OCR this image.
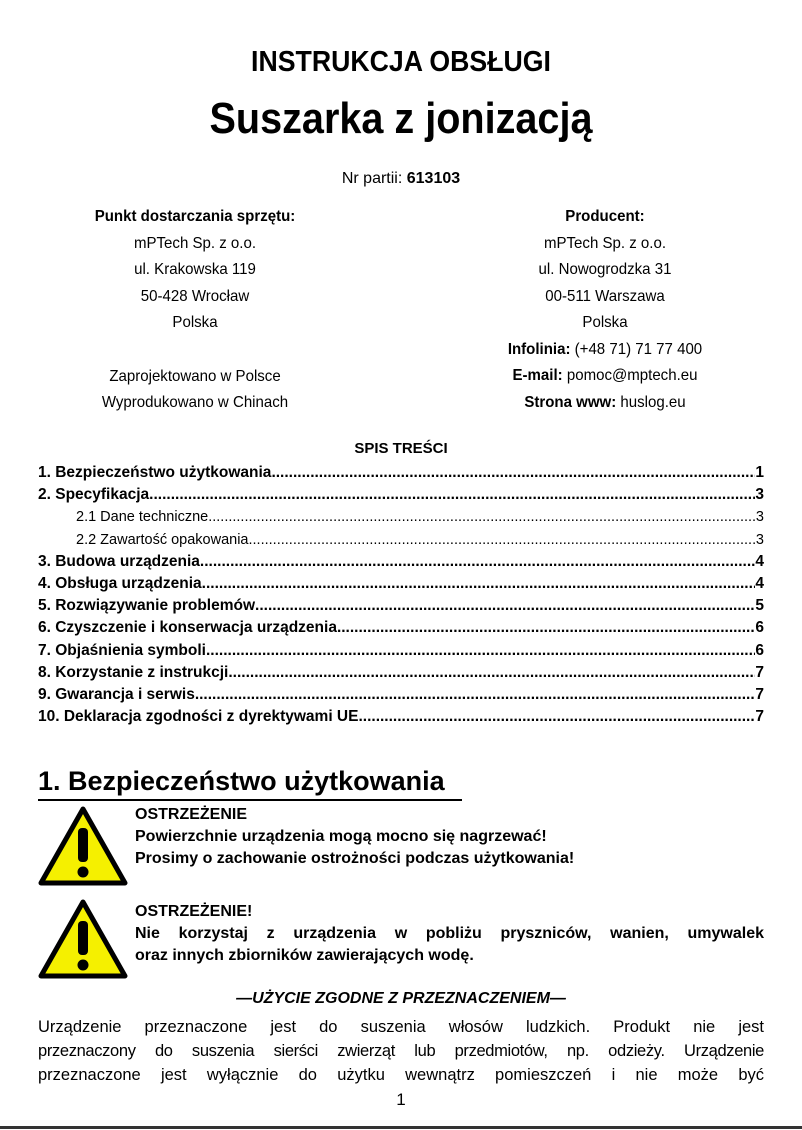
INSTRUKCJA OBSŁUGI
Suszarka z jonizacją
Nr partii: 613103
Punkt dostarczania sprzętu:
mPTech Sp. z o.o.
ul. Krakowska 119
50-428 Wrocław
Polska
Zaprojektowano w Polsce
Wyprodukowano w Chinach
Producent:
mPTech Sp. z o.o.
ul. Nowogrodzka 31
00-511 Warszawa
Polska
Infolinia: (+48 71) 71 77 400
E-mail: pomoc@mptech.eu
Strona www: huslog.eu
SPIS TREŚCI
1. Bezpieczeństwo użytkowania .....	1
2. Specyfikacja .....	3
2.1 Dane techniczne .....	3
2.2 Zawartość opakowania .....	3
3. Budowa urządzenia .....	4
4. Obsługa urządzenia .....	4
5. Rozwiązywanie problemów .....	5
6. Czyszczenie i konserwacja urządzenia .....	6
7. Objaśnienia symboli .....	6
8. Korzystanie z instrukcji .....	7
9. Gwarancja i serwis .....	7
10. Deklaracja zgodności z dyrektywami UE .....	7
1. Bezpieczeństwo użytkowania
OSTRZEŻENIE
Powierzchnie urządzenia mogą mocno się nagrzewać!
Prosimy o zachowanie ostrożności podczas użytkowania!
OSTRZEŻENIE!
Nie korzystaj z urządzenia w pobliżu pryszniców, wanien, umywalek
oraz innych zbiorników zawierających wodę.
—UŻYCIE ZGODNE Z PRZEZNACZENIEM—
Urządzenie przeznaczone jest do suszenia włosów ludzkich. Produkt nie jest
przeznaczony do suszenia sierści zwierząt lub przedmiotów, np. odzieży. Urządzenie
przeznaczone jest wyłącznie do użytku wewnątrz pomieszczeń i nie może być
1
